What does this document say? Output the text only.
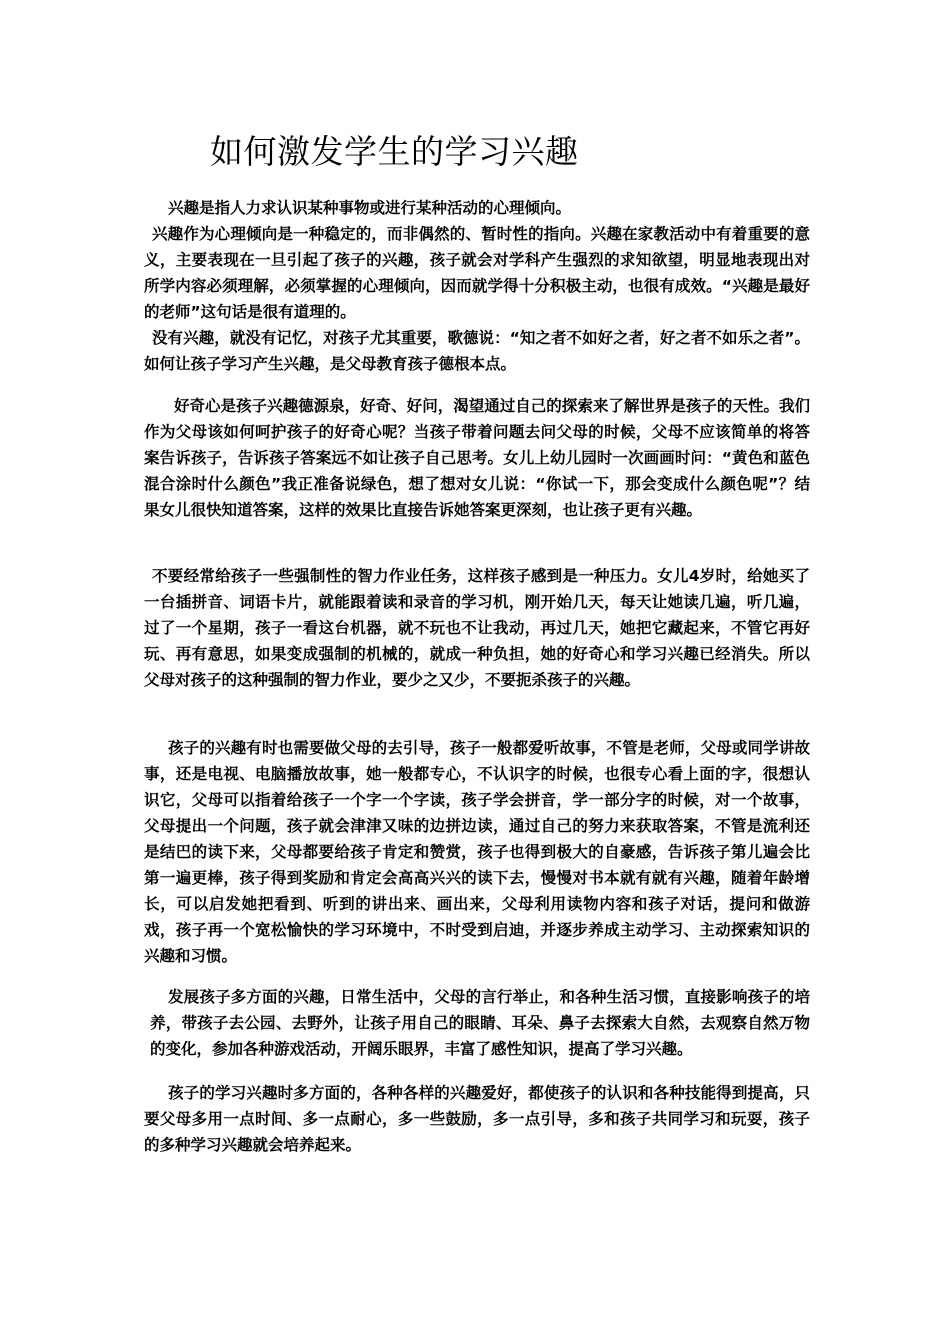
如何激发学生的学习兴趣

兴趣是指人力求认识某种事物或进行某种活动的心理倾向。

兴趣作为心理倾向是一种稳定的，而非偶然的、暂时性的指向。兴趣在家教活动中有着重要的意义，主要表现在一旦引起了孩子的兴趣，孩子就会对学科产生强烈的求知欲望，明显地表现出对所学内容必须理解，必须掌握的心理倾向，因而就学得十分积极主动，也很有成效。“兴趣是最好的老师”这句话是很有道理的。

没有兴趣，就没有记忆，对孩子尤其重要，歌德说：“知之者不如好之者，好之者不如乐之者”。如何让孩子学习产生兴趣，是父母教育孩子德根本点。

好奇心是孩子兴趣德源泉，好奇、好问，渴望通过自己的探索来了解世界是孩子的天性。我们作为父母该如何呵护孩子的好奇心呢？当孩子带着问题去问父母的时候，父母不应该简单的将答案告诉孩子，告诉孩子答案远不如让孩子自己思考。女儿上幼儿园时一次画画时问：“黄色和蓝色混合涂时什么颜色”我正准备说绿色，想了想对女儿说：“你试一下，那会变成什么颜色呢”？结果女儿很快知道答案，这样的效果比直接告诉她答案更深刻，也让孩子更有兴趣。

不要经常给孩子一些强制性的智力作业任务，这样孩子感到是一种压力。女儿4岁时，给她买了一台插拼音、词语卡片，就能跟着读和录音的学习机，刚开始几天，每天让她读几遍，听几遍，过了一个星期，孩子一看这台机器，就不玩也不让我动，再过几天，她把它藏起来，不管它再好玩、再有意思，如果变成强制的机械的，就成一种负担，她的好奇心和学习兴趣已经消失。所以父母对孩子的这种强制的智力作业，要少之又少，不要扼杀孩子的兴趣。

孩子的兴趣有时也需要做父母的去引导，孩子一般都爱听故事，不管是老师，父母或同学讲故事，还是电视、电脑播放故事，她一般都专心，不认识字的时候，也很专心看上面的字，很想认识它，父母可以指着给孩子一个字一个字读，孩子学会拼音，学一部分字的时候，对一个故事，父母提出一个问题，孩子就会津津又味的边拼边读，通过自己的努力来获取答案，不管是流利还是结巴的读下来，父母都要给孩子肯定和赞赏，孩子也得到极大的自豪感，告诉孩子第儿遍会比第一遍更棒，孩子得到奖励和肯定会高高兴兴的读下去，慢慢对书本就有就有兴趣，随着年龄增长，可以启发她把看到、听到的讲出来、画出来，父母利用读物内容和孩子对话，提问和做游戏，孩子再一个宽松愉快的学习环境中，不时受到启迪，并逐步养成主动学习、主动探索知识的兴趣和习惯。

发展孩子多方面的兴趣，日常生活中，父母的言行举止，和各种生活习惯，直接影响孩子的培养，带孩子去公园、去野外，让孩子用自己的眼睛、耳朵、鼻子去探索大自然，去观察自然万物的变化，参加各种游戏活动，开阔乐眼界，丰富了感性知识，提高了学习兴趣。

孩子的学习兴趣时多方面的，各种各样的兴趣爱好，都使孩子的认识和各种技能得到提高，只要父母多用一点时间、多一点耐心，多一些鼓励，多一点引导，多和孩子共同学习和玩耍，孩子的多种学习兴趣就会培养起来。
